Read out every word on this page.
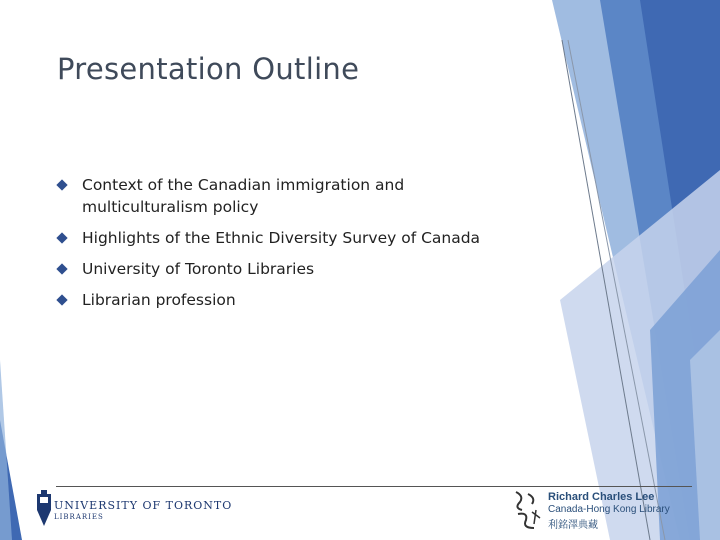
Presentation Outline
Context of the Canadian immigration and multiculturalism policy
Highlights of the Ethnic Diversity Survey of Canada
University of Toronto Libraries
Librarian profession
UNIVERSITY OF TORONTO
LIBRARIES
Richard Charles Lee
Canada-Hong Kong Library
利銘澤典藏
